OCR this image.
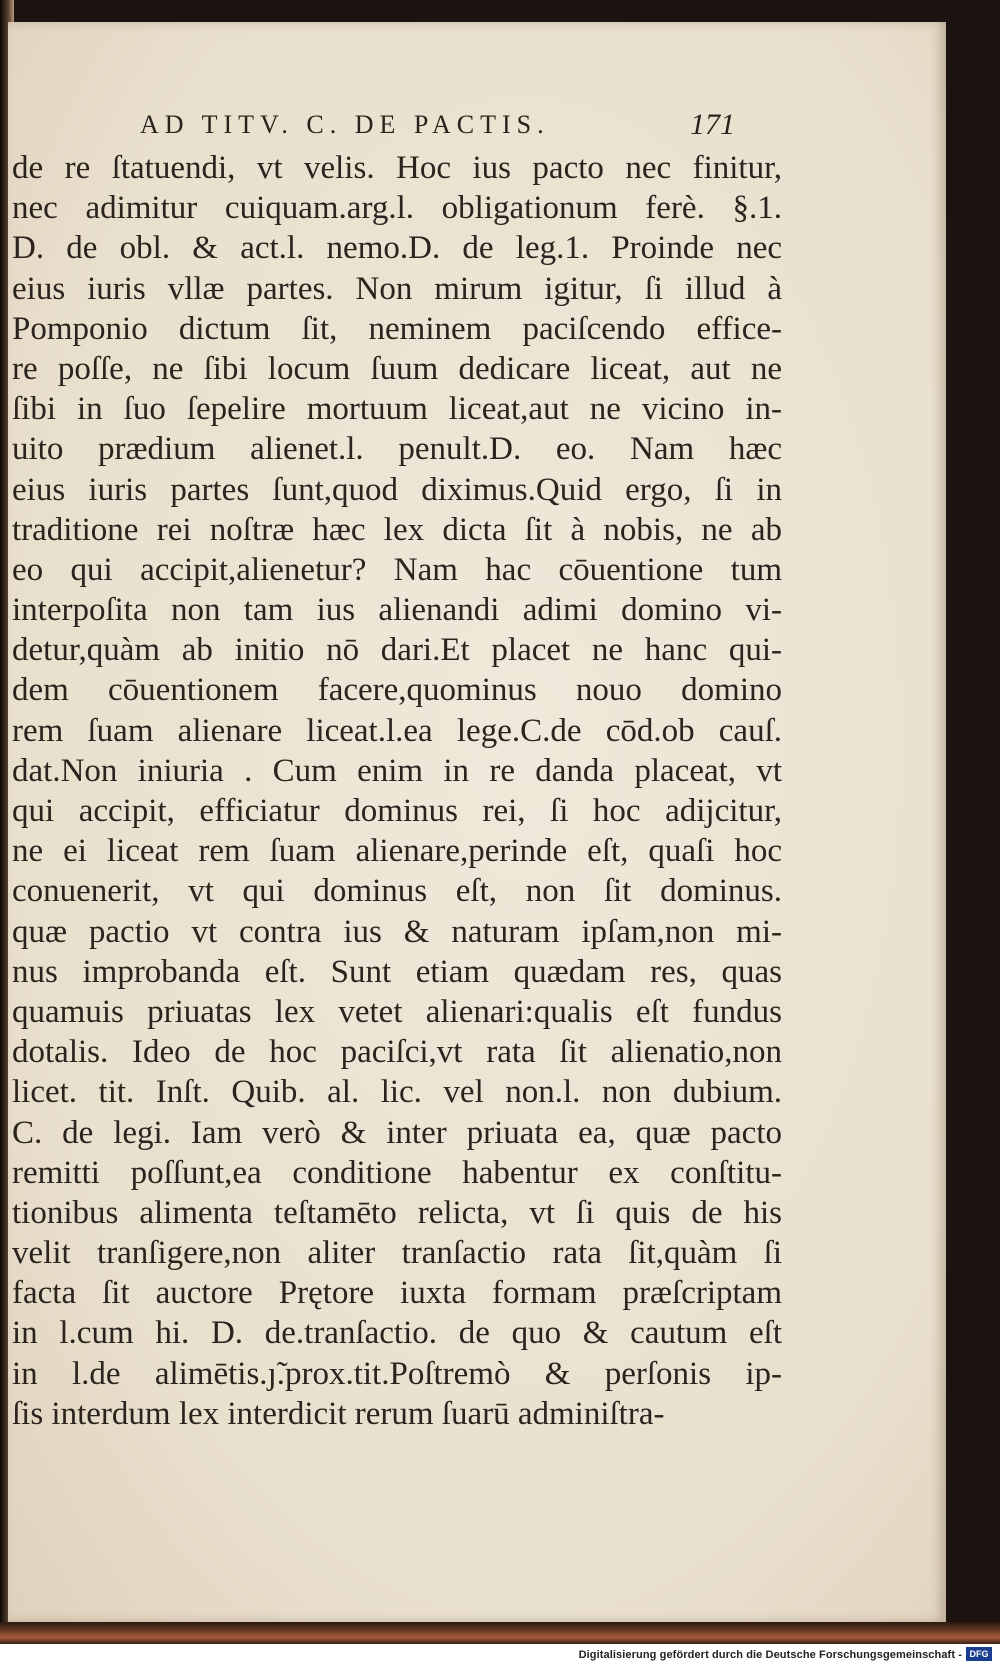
AD TITV. C. DE PACTIS.	171
de re ſtatuendi, vt velis. Hoc ius pacto nec finitur,
nec adimitur cuiquam.arg.l. obligationum ferè. §.1.
D. de obl. & act.l. nemo.D. de leg.1. Proinde nec
eius iuris vllæ partes. Non mirum igitur, ſi illud à
Pomponio dictum ſit, neminem paciſcendo effice-
re poſſe, ne ſibi locum ſuum dedicare liceat, aut ne
ſibi in ſuo ſepelire mortuum liceat,aut ne vicino in-
uito prædium alienet.l. penult.D. eo. Nam hæc
eius iuris partes ſunt,quod diximus.Quid ergo, ſi in
traditione rei noſtræ hæc lex dicta ſit à nobis, ne ab
eo qui accipit,alienetur? Nam hac cōuentione tum
interpoſita non tam ius alienandi adimi domino vi-
detur,quàm ab initio nō dari.Et placet ne hanc qui-
dem cōuentionem facere,quominus nouo domino
rem ſuam alienare liceat.l.ea lege.C.de cōd.ob cauſ.
dat.Non iniuria . Cum enim in re danda placeat, vt
qui accipit, efficiatur dominus rei, ſi hoc adijcitur,
ne ei liceat rem ſuam alienare,perinde eſt, quaſi hoc
conuenerit, vt qui dominus eſt, non ſit dominus.
quæ pactio vt contra ius & naturam ipſam,non mi-
nus improbanda eſt. Sunt etiam quædam res, quas
quamuis priuatas lex vetet alienari:qualis eſt fundus
dotalis. Ideo de hoc paciſci,vt rata ſit alienatio,non
licet. tit. Inſt. Quib. al. lic. vel non.l. non dubium.
C. de legi. Iam verò & inter priuata ea, quæ pacto
remitti poſſunt,ea conditione habentur ex conſtitu-
tionibus alimenta teſtamēto relicta, vt ſi quis de his
velit tranſigere,non aliter tranſactio rata ſit,quàm ſi
facta ſit auctore Prętore iuxta formam præſcriptam
in l.cum hi. D. de.tranſactio. de quo & cautum eſt
in l.de alimētis.ȷ̃.prox.tit.Poſtremò & perſonis ip-
ſis interdum lex interdicit rerum ſuarū adminiſtra-
Digitalisierung gefördert durch die Deutsche Forschungsgemeinschaft - DFG
